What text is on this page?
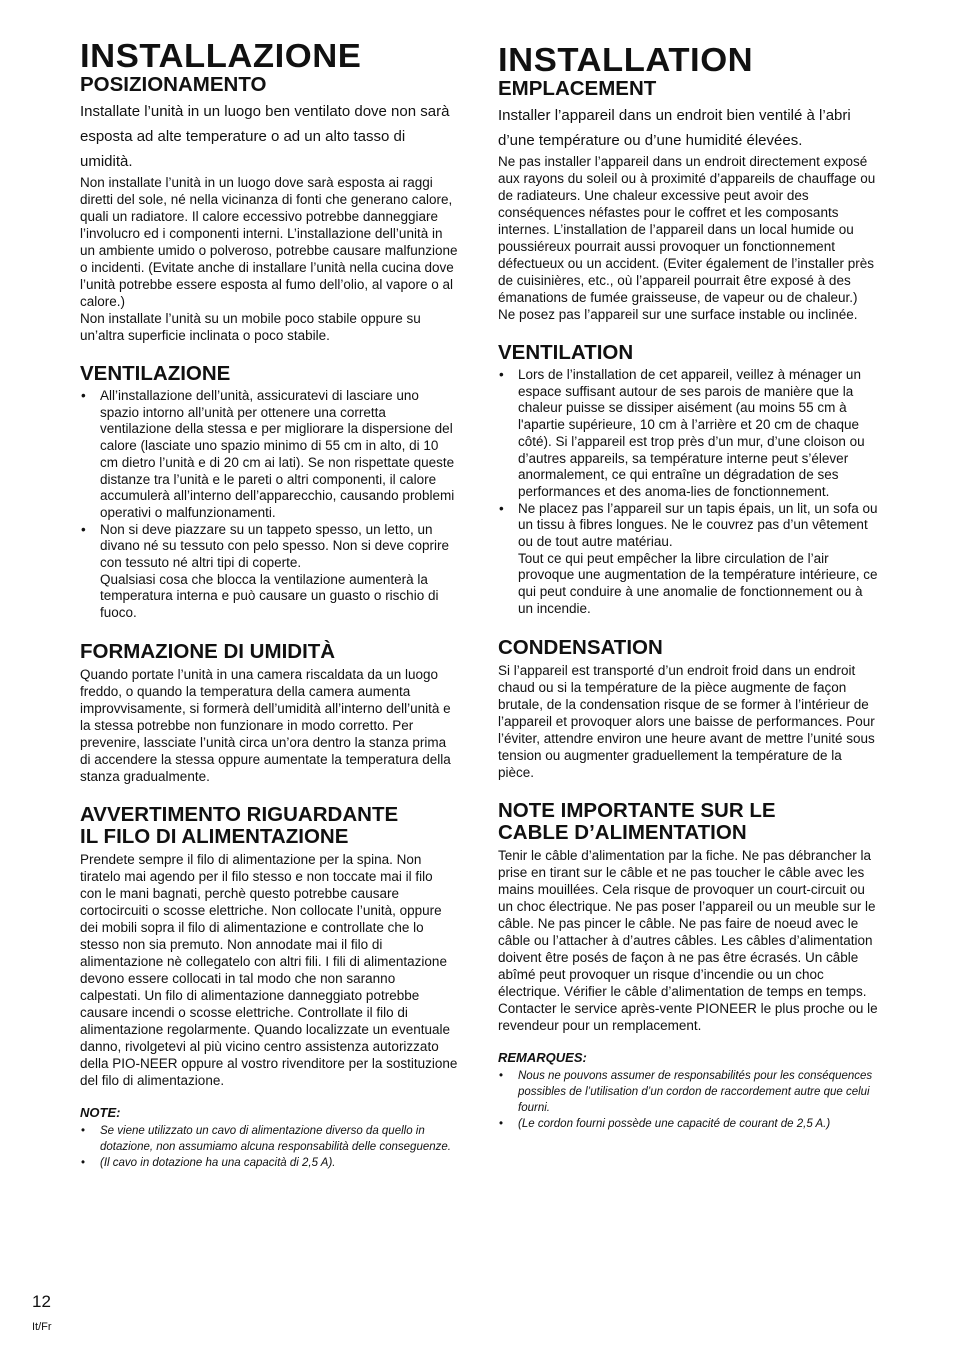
INSTALLAZIONE
POSIZIONAMENTO

Installate l’unità in un luogo ben ventilato dove non sarà esposta ad alte temperature o ad un alto tasso di umidità.

Non installate l’unità in un luogo dove sarà esposta ai raggi diretti del sole, né nella vicinanza di fonti che generano calore, quali un radiatore. Il calore eccessivo potrebbe danneggiare l’involucro ed i componenti interni. L’installazione dell’unità in un ambiente umido o polveroso, potrebbe causare malfunzione o incidenti. (Evitate anche di installare l’unità nella cucina dove l’unità potrebbe essere esposta al fumo dell’olio, al vapore o al calore.)

Non installate l’unità su un mobile poco stabile oppure su un’altra superficie inclinata o poco stabile.

VENTILAZIONE
• All’installazione dell’unità, assicuratevi di lasciare uno spazio intorno all’unità per ottenere una corretta ventilazione della stessa e per migliorare la dispersione del calore (lasciate uno spazio minimo di 55 cm in alto, di 10 cm dietro l’unità e di 20 cm ai lati). Se non rispettate queste distanze tra l’unità e le pareti o altri componenti, il calore accumulerà all’interno dell’apparecchio, causando problemi operativi o malfunzionamenti.
• Non si deve piazzare su un tappeto spesso, un letto, un divano né su tessuto con pelo spesso. Non si deve coprire con tessuto né altri tipi di coperte.
Qualsiasi cosa che blocca la ventilazione aumenterà la temperatura interna e può causare un guasto o rischio di fuoco.
FORMAZIONE DI UMIDITÀ

Quando portate l’unità in una camera riscaldata da un luogo freddo, o quando la temperatura della camera aumenta improvvisamente, si formerà dell’umidità all’interno dell’unità e la stessa potrebbe non funzionare in modo corretto. Per prevenire, lassciate l’unità circa un’ora dentro la stanza prima di accendere la stessa oppure aumentate la temperatura della stanza gradualmente.

AVVERTIMENTO RIGUARDANTE
IL FILO DI ALIMENTAZIONE

Prendete sempre il filo di alimentazione per la spina. Non tiratelo mai agendo per il filo stesso e non toccate mai il filo con le mani bagnati, perchè questo potrebbe causare cortocircuiti o scosse elettriche. Non collocate l’unità, oppure dei mobili sopra il filo di alimentazione e controllate che lo stesso non sia premuto. Non annodate mai il filo di alimentazione nè collegatelo con altri fili. I fili di alimentazione devono essere collocati in tal modo che non saranno calpestati. Un filo di alimentazione danneggiato potrebbe causare incendi o scosse elettriche. Controllate il filo di alimentazione regolarmente. Quando localizzate un eventuale danno, rivolgetevi al più vicino centro assistenza autorizzato della PIO-NEER oppure al vostro rivenditore per la sostituzione del filo di alimentazione.

NOTE:

• Se viene utilizzato un cavo di alimentazione diverso da quello in dotazione, non assumiamo alcuna responsabilità delle conseguenze.
• (Il cavo in dotazione ha una capacità di 2,5 A).
INSTALLATION
EMPLACEMENT

Installer l’appareil dans un endroit bien ventilé à l’abri d’une température ou d’une humidité élevées.

Ne pas installer l’appareil dans un endroit directement exposé aux rayons du soleil ou à proximité d’appareils de chauffage ou de radiateurs. Une chaleur excessive peut avoir des conséquences néfastes pour le coffret et les composants internes. L’installation de l’appareil dans un local humide ou poussiéreux pourrait aussi provoquer un fonctionnement défectueux ou un accident. (Eviter également de l’installer près de cuisinières, etc., où l’appareil pourrait être exposé à des émanations de fumée graisseuse, de vapeur ou de chaleur.)

Ne posez pas l’appareil sur une surface instable ou inclinée.

VENTILATION
• Lors de l’installation de cet appareil, veillez à ménager un espace suffisant autour de ses parois de manière que la chaleur puisse se dissiper aisément (au moins 55 cm à l'apartie supérieure, 10 cm à l’arrière et 20 cm de chaque côté). Si l’appareil est trop près d’un mur, d’une cloison ou d’autres appareils, sa température interne peut s’élever anormalement, ce qui entraîne un dégradation de ses performances et des anoma-lies de fonctionnement.
• Ne placez pas l’appareil sur un tapis épais, un lit, un sofa ou un tissu à fibres longues. Ne le couvrez pas d’un vêtement ou de tout autre matériau.
Tout ce qui peut empêcher la libre circulation de l’air provoque une augmentation de la température intérieure, ce qui peut conduire à une anomalie de fonctionnement ou à un incendie.
CONDENSATION

Si l’appareil est transporté d’un endroit froid dans un endroit chaud ou si la température de la pièce augmente de façon brutale, de la condensation risque de se former à l’intérieur de l’appareil et provoquer alors une baisse de performances. Pour l’éviter, attendre environ une heure avant de mettre l’unité sous tension ou augmenter graduellement la température de la pièce.

NOTE IMPORTANTE SUR LE
CABLE D’ALIMENTATION

Tenir le câble d’alimentation par la fiche. Ne pas débrancher la prise en tirant sur le câble et ne pas toucher le câble avec les mains mouillées. Cela risque de provoquer un court-circuit ou un choc électrique. Ne pas poser l’appareil ou un meuble sur le câble. Ne pas pincer le câble. Ne pas faire de noeud avec le câble ou l’attacher à d’autres câbles. Les câbles d’alimentation doivent être posés de façon à ne pas être écrasés. Un câble abîmé peut provoquer un risque d’incendie ou un choc électrique. Vérifier le câble d’alimentation de temps en temps. Contacter le service après-vente PIONEER le plus proche ou le revendeur pour un remplacement.

REMARQUES:

• Nous ne pouvons assumer de responsabilités pour les conséquences possibles de l’utilisation d’un cordon de raccordement autre que celui fourni.
• (Le cordon fourni possède une capacité de courant de 2,5 A.)
12
It/Fr
